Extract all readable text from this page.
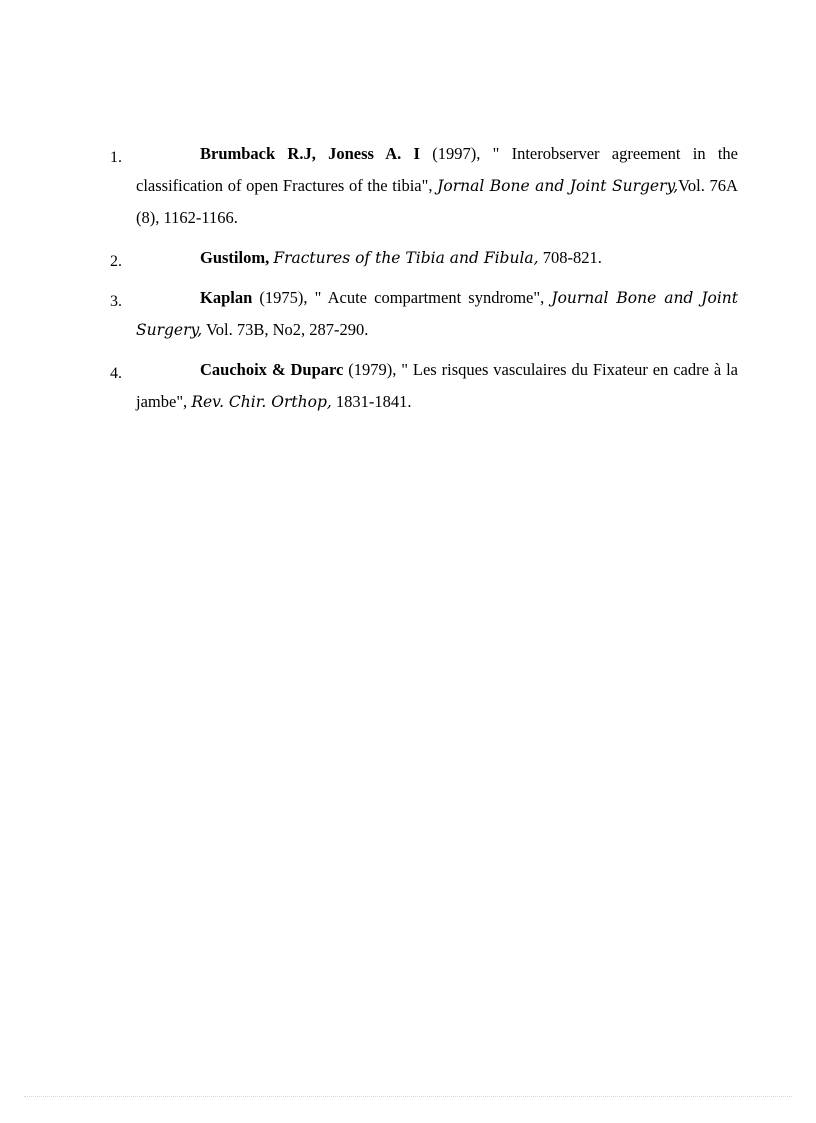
1.	Brumback R.J, Joness A. I (1997), " Interobserver agreement in the classification of open Fractures of the tibia", Jornal Bone and Joint Surgery,Vol. 76A (8), 1162-1166.
2.	Gustilom, Fractures of the Tibia and Fibula, 708-821.
3.	Kaplan (1975), " Acute compartment syndrome", Journal Bone and Joint Surgery, Vol. 73B, No2, 287-290.
4.	Cauchoix & Duparc (1979), " Les risques vasculaires du Fixateur en cadre à la jambe", Rev. Chir. Orthop, 1831-1841.
